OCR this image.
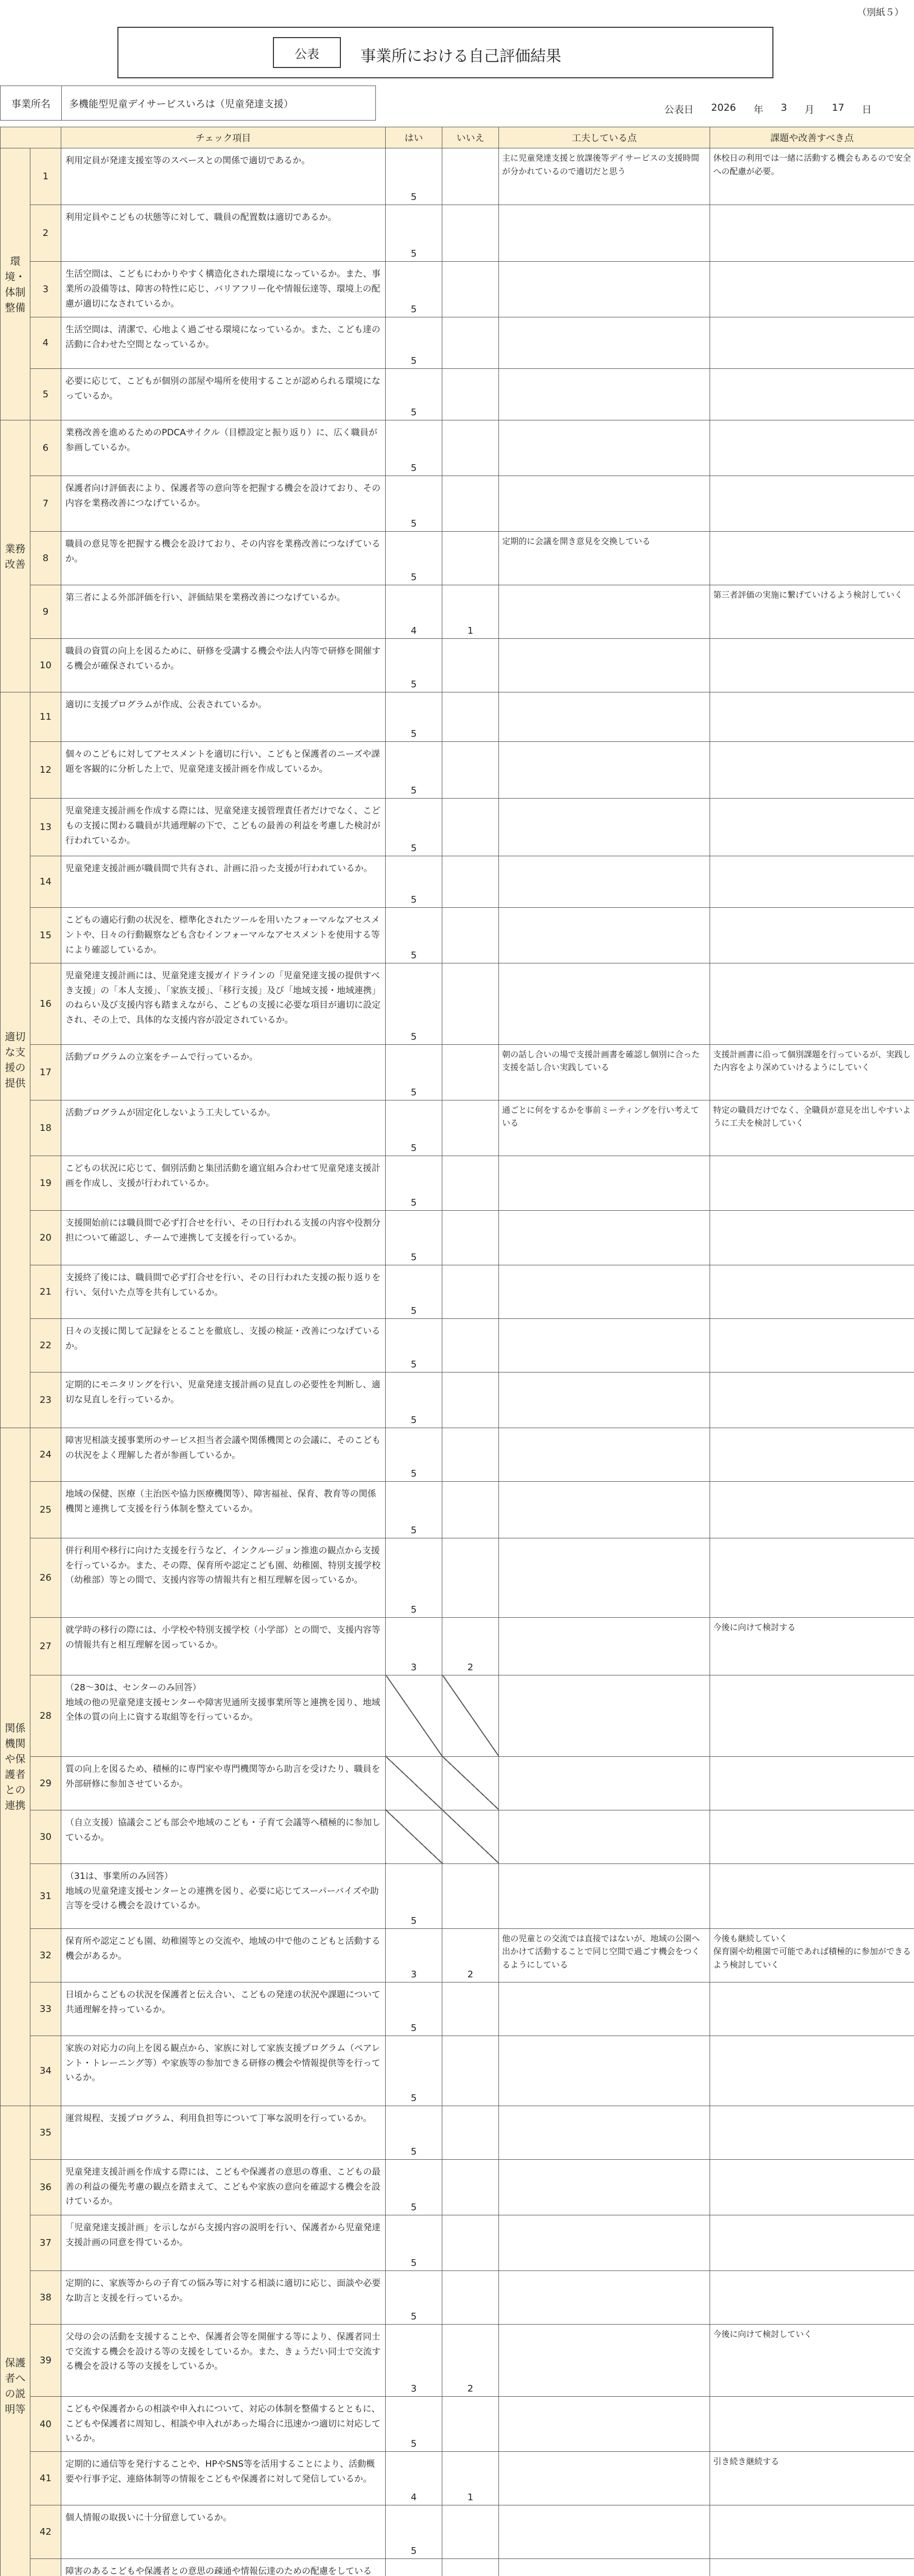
（別紙５）
公表	事業所における自己評価結果
事業所名	多機能型児童デイサービスいろは（児童発達支援）
公表日 2026 年 3 月 17 日
		チェック項目	はい	いいえ	工夫している点	課題や改善すべき点
環境・体制整備	1	利用定員が発達支援室等のスペースとの関係で適切であるか。	5		主に児童発達支援と放課後等デイサービスの支援時間が分かれているので適切だと思う	休校日の利用では一緒に活動する機会もあるので安全への配慮が必要。
	2	利用定員やこどもの状態等に対して、職員の配置数は適切であるか。	5			
	3	生活空間は、こどもにわかりやすく構造化された環境になっているか。また、事業所の設備等は、障害の特性に応じ、バリアフリー化や情報伝達等、環境上の配慮が適切になされているか。	5			
	4	生活空間は、清潔で、心地よく過ごせる環境になっているか。また、こども達の活動に合わせた空間となっているか。	5			
	5	必要に応じて、こどもが個別の部屋や場所を使用することが認められる環境になっているか。	5			
業務改善	6	業務改善を進めるためのPDCAサイクル（目標設定と振り返り）に、広く職員が参画しているか。	5			
	7	保護者向け評価表により、保護者等の意向等を把握する機会を設けており、その内容を業務改善につなげているか。	5			
	8	職員の意見等を把握する機会を設けており、その内容を業務改善につなげているか。	5		定期的に会議を開き意見を交換している	
	9	第三者による外部評価を行い、評価結果を業務改善につなげているか。	4	1		第三者評価の実施に繋げていけるよう検討していく
	10	職員の資質の向上を図るために、研修を受講する機会や法人内等で研修を開催する機会が確保されているか。	5			
適切な支援の提供	11	適切に支援プログラムが作成、公表されているか。	5			
	12	個々のこどもに対してアセスメントを適切に行い、こどもと保護者のニーズや課題を客観的に分析した上で、児童発達支援計画を作成しているか。	5			
	13	児童発達支援計画を作成する際には、児童発達支援管理責任者だけでなく、こどもの支援に関わる職員が共通理解の下で、こどもの最善の利益を考慮した検討が行われているか。	5			
	14	児童発達支援計画が職員間で共有され、計画に沿った支援が行われているか。	5			
	15	こどもの適応行動の状況を、標準化されたツールを用いたフォーマルなアセスメントや、日々の行動観察なども含むインフォーマルなアセスメントを使用する等により確認しているか。	5			
	16	児童発達支援計画には、児童発達支援ガイドラインの「児童発達支援の提供すべき支援」の「本人支援」、「家族支援」、「移行支援」及び「地域支援・地域連携」のねらい及び支援内容も踏まえながら、こどもの支援に必要な項目が適切に設定され、その上で、具体的な支援内容が設定されているか。	5			
	17	活動プログラムの立案をチームで行っているか。	5		朝の話し合いの場で支援計画書を確認し個別に合った支援を話し合い実践している	支援計画書に沿って個別課題を行っているが、実践した内容をより深めていけるようにしていく
	18	活動プログラムが固定化しないよう工夫しているか。	5		通ごとに何をするかを事前ミーティングを行い考えている	特定の職員だけでなく、全職員が意見を出しやすいように工夫を検討していく
	19	こどもの状況に応じて、個別活動と集団活動を適宜組み合わせて児童発達支援計画を作成し、支援が行われているか。	5			
	20	支援開始前には職員間で必ず打合せを行い、その日行われる支援の内容や役割分担について確認し、チームで連携して支援を行っているか。	5			
	21	支援終了後には、職員間で必ず打合せを行い、その日行われた支援の振り返りを行い、気付いた点等を共有しているか。	5			
	22	日々の支援に関して記録をとることを徹底し、支援の検証・改善につなげているか。	5			
	23	定期的にモニタリングを行い、児童発達支援計画の見直しの必要性を判断し、適切な見直しを行っているか。	5			
関係機関や保護者との連携	24	障害児相談支援事業所のサービス担当者会議や関係機関との会議に、そのこどもの状況をよく理解した者が参画しているか。	5			
	25	地域の保健、医療（主治医や協力医療機関等）、障害福祉、保育、教育等の関係機関と連携して支援を行う体制を整えているか。	5			
	26	併行利用や移行に向けた支援を行うなど、インクルージョン推進の観点から支援を行っているか。また、その際、保育所や認定こども園、幼稚園、特別支援学校（幼稚部）等との間で、支援内容等の情報共有と相互理解を図っているか。	5			
	27	就学時の移行の際には、小学校や特別支援学校（小学部）との間で、支援内容等の情報共有と相互理解を図っているか。	3	2		今後に向けて検討する
	28	（28～30は、センターのみ回答）
地域の他の児童発達支援センターや障害児通所支援事業所等と連携を図り、地域全体の質の向上に資する取組等を行っているか。				
	29	質の向上を図るため、積極的に専門家や専門機関等から助言を受けたり、職員を外部研修に参加させているか。				
	30	（自立支援）協議会こども部会や地域のこども・子育て会議等へ積極的に参加しているか。				
	31	（31は、事業所のみ回答）
地域の児童発達支援センターとの連携を図り、必要に応じてスーパーバイズや助言等を受ける機会を設けているか。	5			
	32	保育所や認定こども園、幼稚園等との交流や、地域の中で他のこどもと活動する機会があるか。	3	2	他の児童との交流では直接ではないが、地域の公園へ出かけて活動することで同じ空間で過ごす機会をつくるようにしている	今後も継続していく
保育園や幼稚園で可能であれば積極的に参加ができるよう検討していく
	33	日頃からこどもの状況を保護者と伝え合い、こどもの発達の状況や課題について共通理解を持っているか。	5			
	34	家族の対応力の向上を図る観点から、家族に対して家族支援プログラム（ペアレント・トレーニング等）や家族等の参加できる研修の機会や情報提供等を行っているか。	5			
保護者への説明等	35	運営規程、支援プログラム、利用負担等について丁寧な説明を行っているか。	5			
	36	児童発達支援計画を作成する際には、こどもや保護者の意思の尊重、こどもの最善の利益の優先考慮の観点を踏まえて、こどもや家族の意向を確認する機会を設けているか。	5			
	37	「児童発達支援計画」を示しながら支援内容の説明を行い、保護者から児童発達支援計画の同意を得ているか。	5			
	38	定期的に、家族等からの子育ての悩み等に対する相談に適切に応じ、面談や必要な助言と支援を行っているか。	5			
	39	父母の会の活動を支援することや、保護者会等を開催する等により、保護者同士で交流する機会を設ける等の支援をしているか。また、きょうだい同士で交流する機会を設ける等の支援をしているか。	3	2		今後に向けて検討していく
	40	こどもや保護者からの相談や申入れについて、対応の体制を整備するとともに、こどもや保護者に周知し、相談や申入れがあった場合に迅速かつ適切に対応しているか。	5			
	41	定期的に通信等を発行することや、HPやSNS等を活用することにより、活動概要や行事予定、連絡体制等の情報をこどもや保護者に対して発信しているか。	4	1		引き続き継続する
	42	個人情報の取扱いに十分留意しているか。	5			
	障害のあるこどもや保護者との意思の疎通や情報伝達のための配慮をしている				
